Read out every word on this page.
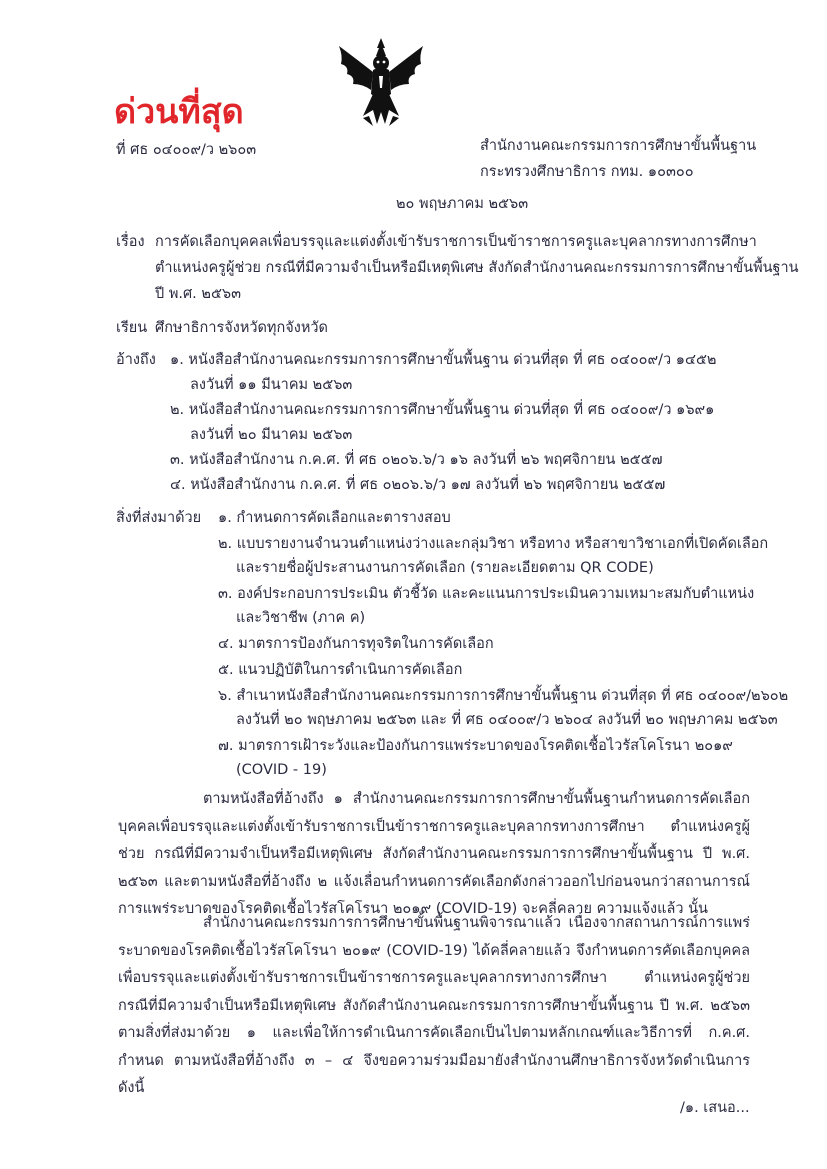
ด่วนที่สุด
ที่ ศธ ๐๔๐๐๙/ว ๒๖๐๓	สำนักงานคณะกรรมการการศึกษาขั้นพื้นฐาน
กระทรวงศึกษาธิการ กทม. ๑๐๓๐๐
๒๐ พฤษภาคม ๒๕๖๓
เรื่อง การคัดเลือกบุคคลเพื่อบรรจุและแต่งตั้งเข้ารับราชการเป็นข้าราชการครูและบุคลากรทางการศึกษา
ตำแหน่งครูผู้ช่วย กรณีที่มีความจำเป็นหรือมีเหตุพิเศษ สังกัดสำนักงานคณะกรรมการการศึกษาขั้นพื้นฐาน
ปี พ.ศ. ๒๕๖๓
เรียน ศึกษาธิการจังหวัดทุกจังหวัด
อ้างถึง ๑. หนังสือสำนักงานคณะกรรมการการศึกษาขั้นพื้นฐาน ด่วนที่สุด ที่ ศธ ๐๔๐๐๙/ว ๑๔๕๒
ลงวันที่ ๑๑ มีนาคม ๒๕๖๓
๒. หนังสือสำนักงานคณะกรรมการการศึกษาขั้นพื้นฐาน ด่วนที่สุด ที่ ศธ ๐๔๐๐๙/ว ๑๖๙๑
ลงวันที่ ๒๐ มีนาคม ๒๕๖๓
๓. หนังสือสำนักงาน ก.ค.ศ. ที่ ศธ ๐๒๐๖.๖/ว ๑๖ ลงวันที่ ๒๖ พฤศจิกายน ๒๕๕๗
๔. หนังสือสำนักงาน ก.ค.ศ. ที่ ศธ ๐๒๐๖.๖/ว ๑๗ ลงวันที่ ๒๖ พฤศจิกายน ๒๕๕๗
สิ่งที่ส่งมาด้วย ๑. กำหนดการคัดเลือกและตารางสอบ
๒. แบบรายงานจำนวนตำแหน่งว่างและกลุ่มวิชา หรือทาง หรือสาขาวิชาเอกที่เปิดคัดเลือก
และรายชื่อผู้ประสานงานการคัดเลือก (รายละเอียดตาม QR CODE)
๓. องค์ประกอบการประเมิน ตัวชี้วัด และคะแนนการประเมินความเหมาะสมกับตำแหน่ง
และวิชาชีพ (ภาค ค)
๔. มาตรการป้องกันการทุจริตในการคัดเลือก
๕. แนวปฏิบัติในการดำเนินการคัดเลือก
๖. สำเนาหนังสือสำนักงานคณะกรรมการการศึกษาขั้นพื้นฐาน ด่วนที่สุด ที่ ศธ ๐๔๐๐๙/๒๖๐๒
ลงวันที่ ๒๐ พฤษภาคม ๒๕๖๓ และ ที่ ศธ ๐๔๐๐๙/ว ๒๖๐๔ ลงวันที่ ๒๐ พฤษภาคม ๒๕๖๓
๗. มาตรการเฝ้าระวังและป้องกันการแพร่ระบาดของโรคติดเชื้อไวรัสโคโรนา ๒๐๑๙
(COVID - 19)
ตามหนังสือที่อ้างถึง ๑ สำนักงานคณะกรรมการการศึกษาขั้นพื้นฐานกำหนดการคัดเลือกบุคคลเพื่อบรรจุและแต่งตั้งเข้ารับราชการเป็นข้าราชการครูและบุคลากรทางการศึกษา ตำแหน่งครูผู้ช่วย กรณีที่มีความจำเป็นหรือมีเหตุพิเศษ สังกัดสำนักงานคณะกรรมการการศึกษาขั้นพื้นฐาน ปี พ.ศ. ๒๕๖๓ และตามหนังสือที่อ้างถึง ๒ แจ้งเลื่อนกำหนดการคัดเลือกดังกล่าวออกไปก่อนจนกว่าสถานการณ์การแพร่ระบาดของโรคติดเชื้อไวรัสโคโรนา ๒๐๑๙ (COVID-19) จะคลี่คลาย ความแจ้งแล้ว นั้น
สำนักงานคณะกรรมการการศึกษาขั้นพื้นฐานพิจารณาแล้ว เนื่องจากสถานการณ์การแพร่ระบาดของโรคติดเชื้อไวรัสโคโรนา ๒๐๑๙ (COVID-19) ได้คลี่คลายแล้ว จึงกำหนดการคัดเลือกบุคคลเพื่อบรรจุและแต่งตั้งเข้ารับราชการเป็นข้าราชการครูและบุคลากรทางการศึกษา ตำแหน่งครูผู้ช่วย กรณีที่มีความจำเป็นหรือมีเหตุพิเศษ สังกัดสำนักงานคณะกรรมการการศึกษาขั้นพื้นฐาน ปี พ.ศ. ๒๕๖๓ ตามสิ่งที่ส่งมาด้วย ๑ และเพื่อให้การดำเนินการคัดเลือกเป็นไปตามหลักเกณฑ์และวิธีการที่ ก.ค.ศ. กำหนด ตามหนังสือที่อ้างถึง ๓ – ๔ จึงขอความร่วมมือมายังสำนักงานศึกษาธิการจังหวัดดำเนินการ ดังนี้
/๑. เสนอ...
